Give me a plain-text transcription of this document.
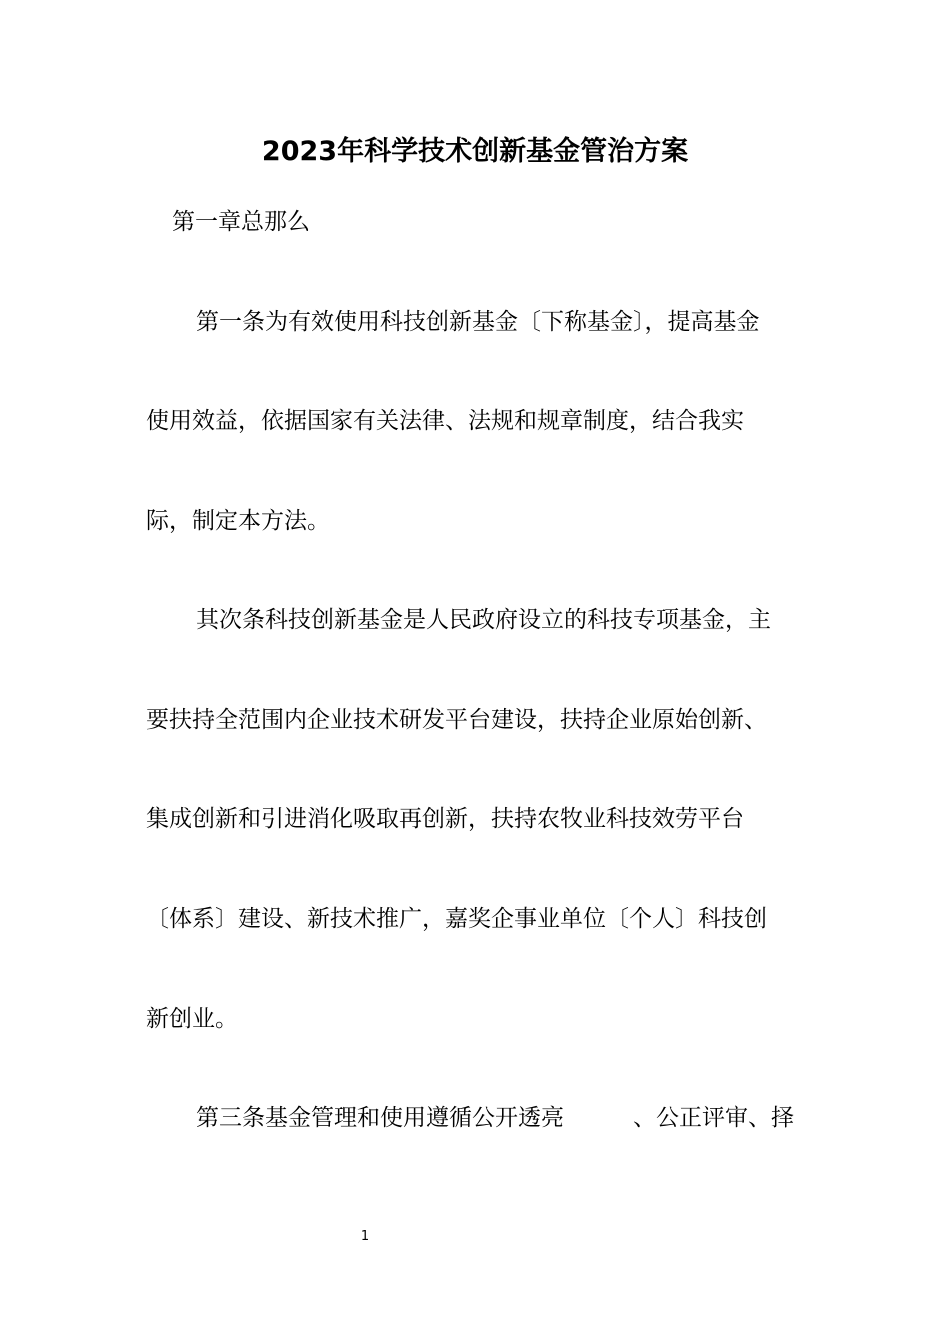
2023年科学技术创新基金管治方案

第一章总那么

第一条为有效使用科技创新基金〔下称基金〕，提高基金

使用效益，依据国家有关法律、法规和规章制度，结合我实

际，制定本方法。

其次条科技创新基金是人民政府设立的科技专项基金，主

要扶持全范围内企业技术研发平台建设，扶持企业原始创新、

集成创新和引进消化吸取再创新，扶持农牧业科技效劳平台

〔体系〕建设、新技术推广，嘉奖企事业单位〔个人〕科技创

新创业。

第三条基金管理和使用遵循公开透亮　　　、公正评审、择

1
